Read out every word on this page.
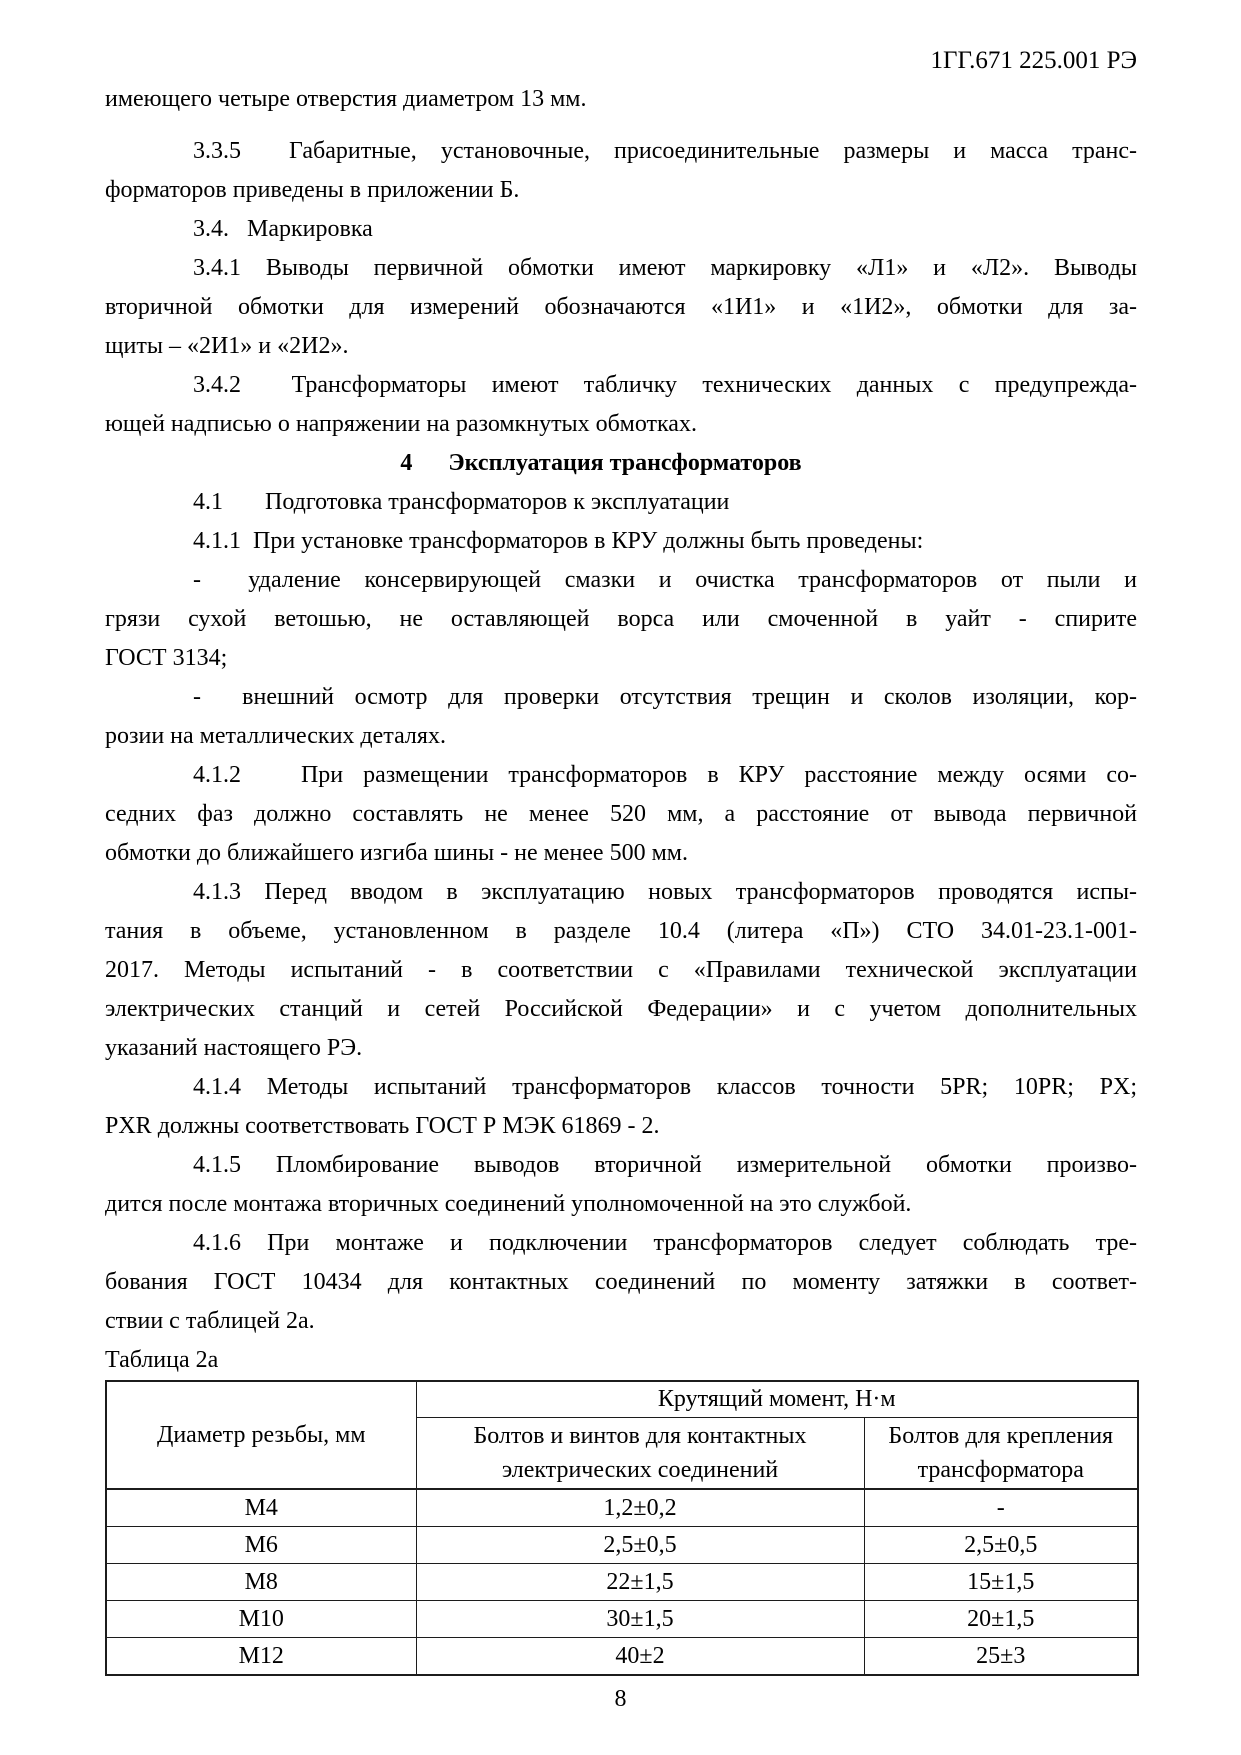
1ГГ.671 225.001 РЭ
имеющего четыре отверстия диаметром 13 мм.
3.3.5  Габаритные, установочные, присоединительные размеры и масса транс-
форматоров приведены в приложении Б.
3.4.   Маркировка
3.4.1 Выводы первичной обмотки имеют маркировку «Л1» и «Л2». Выводы
вторичной обмотки для измерений обозначаются «1И1» и «1И2», обмотки для за-
щиты – «2И1» и «2И2».
3.4.2  Трансформаторы имеют табличку технических данных с предупрежда-
ющей надписью о напряжении на разомкнутых обмотках.
4      Эксплуатация трансформаторов
4.1       Подготовка трансформаторов к эксплуатации
4.1.1  При установке трансформаторов в КРУ должны быть проведены:
-  удаление консервирующей смазки и очистка трансформаторов от пыли и
грязи сухой ветошью, не оставляющей ворса или смоченной в уайт - спирите
ГОСТ 3134;
-  внешний осмотр для проверки отсутствия трещин и сколов изоляции, кор-
розии на металлических деталях.
4.1.2   При размещении трансформаторов в КРУ расстояние между осями со-
седних фаз должно составлять не менее 520 мм, а расстояние от вывода первичной
обмотки до ближайшего изгиба шины - не менее 500 мм.
4.1.3 Перед вводом в эксплуатацию новых трансформаторов проводятся испы-
тания в объеме, установленном в разделе 10.4 (литера «П») СТО 34.01-23.1-001-
2017. Методы испытаний - в соответствии с «Правилами технической эксплуатации
электрических станций и сетей Российской Федерации» и с учетом дополнительных
указаний настоящего РЭ.
4.1.4 Методы испытаний трансформаторов классов точности 5PR; 10PR; PX;
PXR должны соответствовать ГОСТ Р МЭК 61869 - 2.
4.1.5 Пломбирование выводов вторичной измерительной обмотки произво-
дится после монтажа вторичных соединений уполномоченной на это службой.
4.1.6 При монтаже и подключении трансформаторов следует соблюдать тре-
бования ГОСТ 10434 для контактных соединений по моменту затяжки в соответ-
ствии с таблицей 2а.
Таблица 2а
Диаметр резьбы, мм	Крутящий момент, Н·м	
	Болтов и винтов для контактных электрических соединений	Болтов для крепления трансформатора
М4	1,2±0,2	-
М6	2,5±0,5	2,5±0,5
М8	22±1,5	15±1,5
М10	30±1,5	20±1,5
М12	40±2	25±3
8
